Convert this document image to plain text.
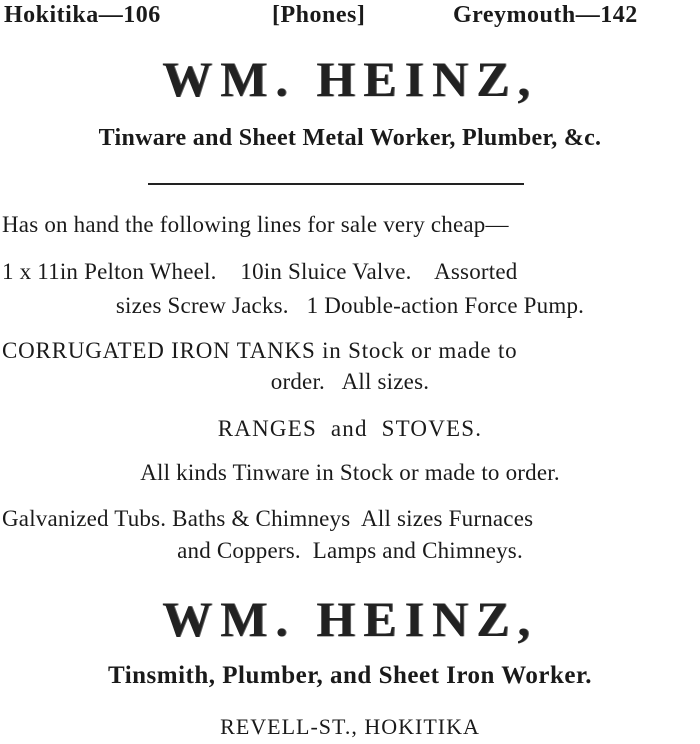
Hokitika—106

	[Phones]

	Greymouth—142

WM. HEINZ,
Tinware and Sheet Metal Worker, Plumber, &c.
Has on hand the following lines for sale very cheap—
1 x 11in Pelton Wheel.    10in Sluice Valve.    Assorted
sizes Screw Jacks.   1 Double-action Force Pump.
CORRUGATED IRON TANKS in Stock or made to
order.   All sizes.
RANGES  and  STOVES.
All kinds Tinware in Stock or made to order.
Galvanized Tubs. Baths & Chimneys  All sizes Furnaces
and Coppers.  Lamps and Chimneys.
WM. HEINZ,
Tinsmith, Plumber, and Sheet Iron Worker.
REVELL-ST., HOKITIKA
